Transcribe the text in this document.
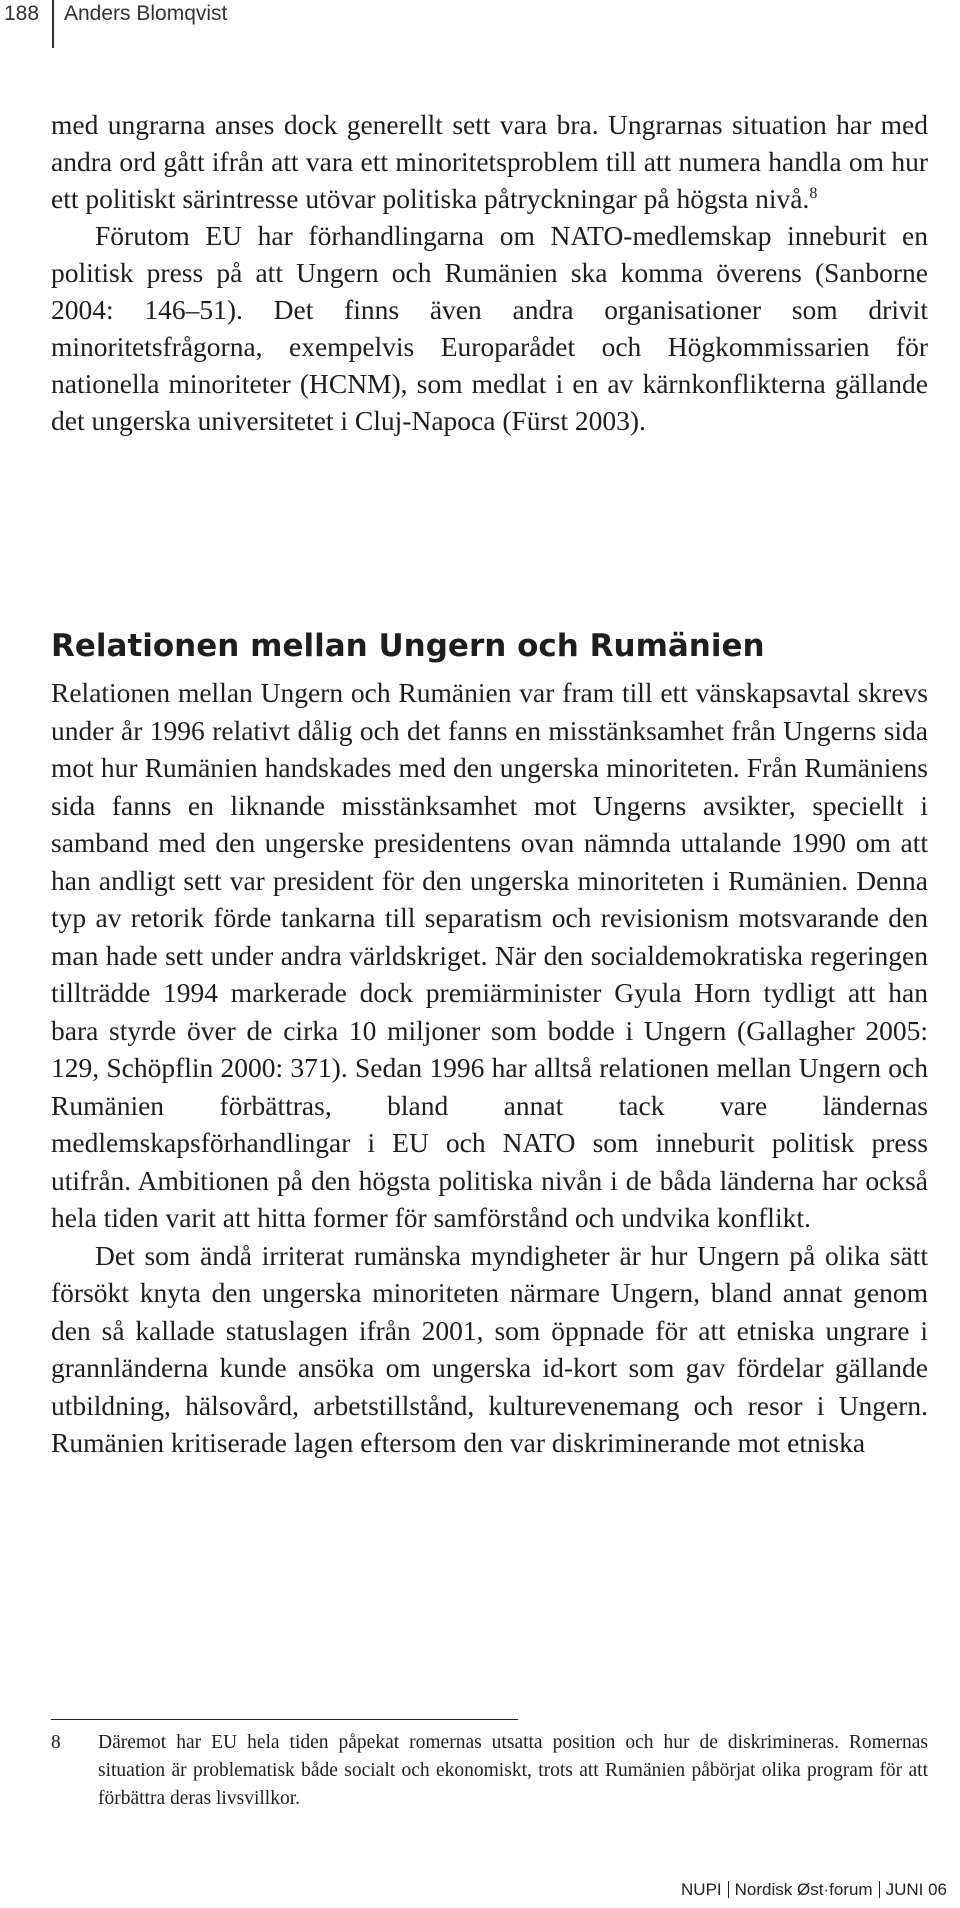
188 Anders Blomqvist

med ungrarna anses dock generellt sett vara bra. Ungrarnas situation har med andra ord gått ifrån att vara ett minoritetsproblem till att numera handla om hur ett politiskt särintresse utövar politiska påtryckningar på högsta nivå.$^8$

Förutom EU har förhandlingarna om NATO-medlemskap inneburit en politisk press på att Ungern och Rumänien ska komma överens (Sanborne 2004: 146–51). Det finns även andra organisationer som drivit minoritetsfrågorna, exempelvis Europarådet och Högkommissarien för nationella minoriteter (HCNM), som medlat i en av kärnkonflikterna gällande det ungerska universitetet i Cluj-Napoca (Fürst 2003).

Relationen mellan Ungern och Rumänien

Relationen mellan Ungern och Rumänien var fram till ett vänskapsavtal skrevs under år 1996 relativt dålig och det fanns en misstänksamhet från Ungerns sida mot hur Rumänien handskades med den ungerska minoriteten. Från Rumäniens sida fanns en liknande misstänksamhet mot Ungerns avsikter, speciellt i samband med den ungerske presidentens ovan nämnda uttalande 1990 om att han andligt sett var president för den ungerska minoriteten i Rumänien. Denna typ av retorik förde tankarna till separatism och revisionism motsvarande den man hade sett under andra världskriget. När den socialdemokratiska regeringen tillträdde 1994 markerade dock premiärminister Gyula Horn tydligt att han bara styrde över de cirka 10 miljoner som bodde i Ungern (Gallagher 2005: 129, Schöpflin 2000: 371). Sedan 1996 har alltså relationen mellan Ungern och Rumänien förbättras, bland annat tack vare ländernas medlemskapsförhandlingar i EU och NATO som inneburit politisk press utifrån. Ambitionen på den högsta politiska nivån i de båda länderna har också hela tiden varit att hitta former för samförstånd och undvika konflikt.

Det som ändå irriterat rumänska myndigheter är hur Ungern på olika sätt försökt knyta den ungerska minoriteten närmare Ungern, bland annat genom den så kallade statuslagen ifrån 2001, som öppnade för att etniska ungrare i grannländerna kunde ansöka om ungerska id-kort som gav fördelar gällande utbildning, hälsovård, arbetstillstånd, kulturevenemang och resor i Ungern. Rumänien kritiserade lagen eftersom den var diskriminerande mot etniska

8 Däremot har EU hela tiden påpekat romernas utsatta position och hur de diskrimineras. Romernas situation är problematisk både socialt och ekonomiskt, trots att Rumänien påbörjat olika program för att förbättra deras livsvillkor.
NUPI Nordisk Øst·forum JUNI 06
